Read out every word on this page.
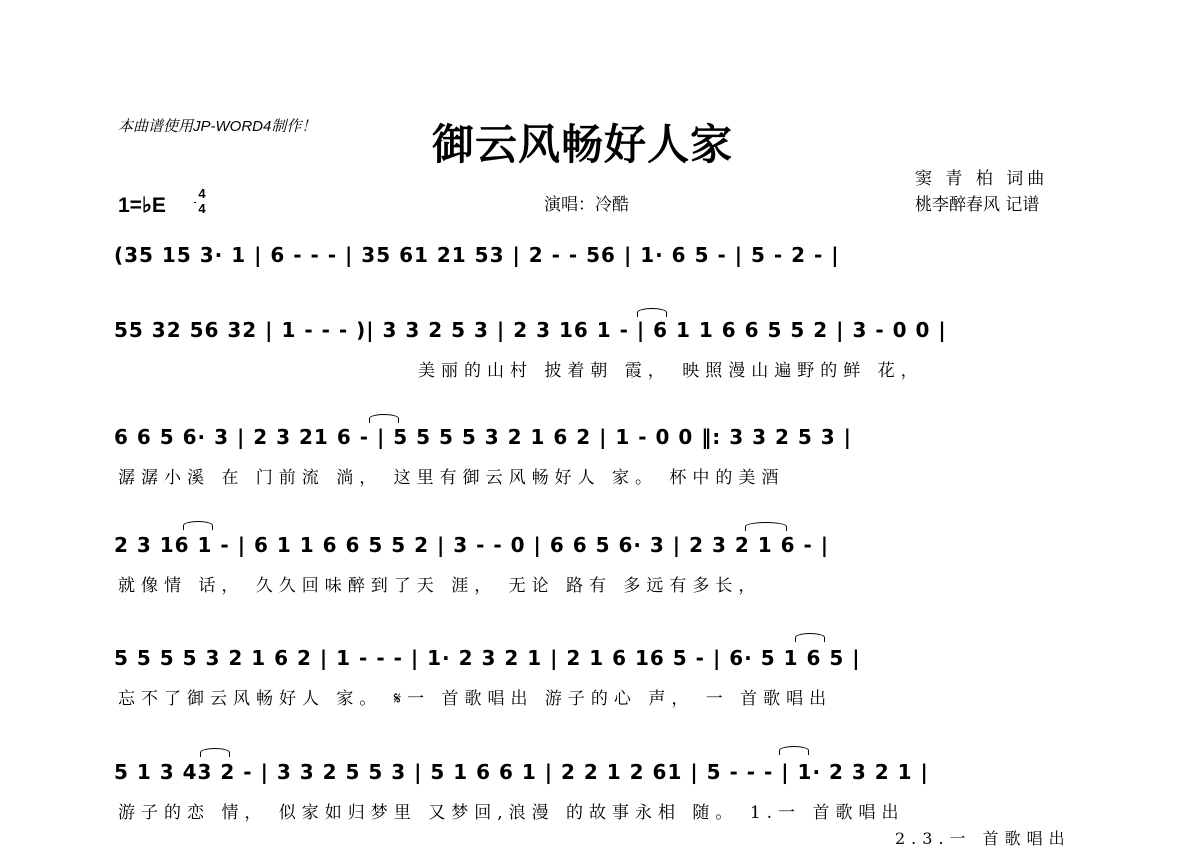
本曲谱使用JP-WORD4制作！	御云风畅好人家
1=♭E
4
4	演唱：冷酷
窦 青 柏 词曲
桃李醉春风 记谱
(35 15 3· 1 | 6 - - - | 35 61 21 53 | 2 - - 56 | 1· 6 5 - | 5 - 2 - |
55 32 56 32 | 1 - - - )| 3 3 2 5 3 | 2 3 16 1 - | 6 1 1 6 6 5 5 2 | 3 - 0 0 |
美丽的山村 披着朝 霞， 映照漫山遍野的鲜 花，
6 6 5 6· 3 | 2 3 21 6 - | 5 5 5 5 3 2 1 6 2 | 1 - 0 0 ‖: 3 3 2 5 3 |
潺潺小溪 在 门前流 淌， 这里有御云风畅好人 家。 杯中的美酒
2 3 16 1 - | 6 1 1 6 6 5 5 2 | 3 - - 0 | 6 6 5 6· 3 | 2 3 2 1 6 - |
就像情 话， 久久回味醉到了天 涯， 无论 路有 多远有多长，
5 5 5 5 3 2 1 6 2 | 1 - - - | 1· 2 3 2 1 | 2 1 6 16 5 - | 6· 5 1 6 5 |
忘不了御云风畅好人 家。 𝄋一 首歌唱出 游子的心 声， 一 首歌唱出
5 1 3 43 2 - | 3 3 2 5 5 3 | 5 1 6 6 1 | 2 2 1 2 61 | 5 - - - | 1· 2 3 2 1 |
游子的恋 情， 似家如归梦里 又梦回,浪漫 的故事永相 随。 1.一 首歌唱出
2.3.一 首歌唱出
